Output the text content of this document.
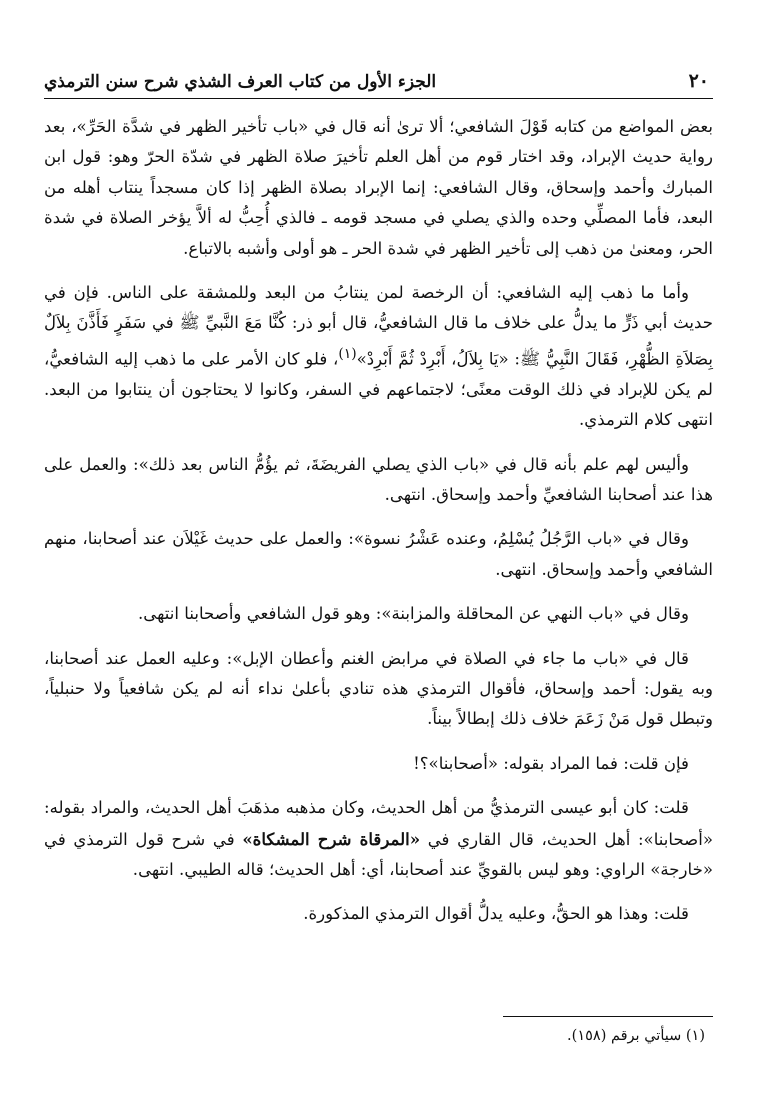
٢٠
الجزء الأول من كتاب العرف الشذي شرح سنن الترمذي

بعض المواضع من كتابه قَوْلَ الشافعي؛ ألا ترىٰ أنه قال في «باب تأخير الظهر في شدَّة الحَرِّ»، بعد رواية حديث الإبراد، وقد اختار قوم من أهل العلم تأخيرَ صلاة الظهر في شدّة الحرّ وهو: قول ابن المبارك وأحمد وإسحاق، وقال الشافعي: إنما الإبراد بصلاة الظهر إذا كان مسجداً ينتاب أهله من البعد، فأما المصلِّي وحده والذي يصلي في مسجد قومه ـ فالذي أُحِبُّ له ألاَّ يؤخر الصلاة في شدة الحر، ومعنىٰ من ذهب إلى تأخير الظهر في شدة الحر ـ هو أولى وأشبه بالاتباع.

وأما ما ذهب إليه الشافعي: أن الرخصة لمن ينتابُ من البعد وللمشقة على الناس. فإن في حديث أبي ذَرٍّ ما يدلُّ على خلاف ما قال الشافعيُّ، قال أبو ذر: كُنَّا مَعَ النَّبيِّ ﷺ في سَفَرٍ فَأَذَّنَ بِلاَلٌ بِصَلاَةِ الظُّهْرِ، فَقَالَ النَّبِيُّ ﷺ: «يَا بِلاَلُ، أَبْرِدْ ثُمَّ أَبْرِدْ»$^{(١)}$، فلو كان الأمر على ما ذهب إليه الشافعيُّ، لم يكن للإبراد في ذلك الوقت معنًى؛ لاجتماعهم في السفر، وكانوا لا يحتاجون أن ينتابوا من البعد. انتهى كلام الترمذي.

وأليس لهم علم بأنه قال في «باب الذي يصلي الفريضَةَ، ثم يؤُمُّ الناس بعد ذلك»: والعمل على هذا عند أصحابنا الشافعيِّ وأحمد وإسحاق. انتهى.

وقال في «باب الرَّجُلُ يُسْلِمُ، وعنده عَشْرُ نسوة»: والعمل على حديث غَيْلاَن عند أصحابنا، منهم الشافعي وأحمد وإسحاق. انتهى.

وقال في «باب النهي عن المحاقلة والمزابنة»: وهو قول الشافعي وأصحابنا انتهى.

قال في «باب ما جاء في الصلاة في مرابض الغنم وأعطان الإبل»: وعليه العمل عند أصحابنا، وبه يقول: أحمد وإسحاق، فأقوال الترمذي هذه تنادي بأعلىٰ نداء أنه لم يكن شافعياً ولا حنبلياً، وتبطل قول مَنْ زَعَمَ خلاف ذلك إبطالاً بيناً.

فإن قلت: فما المراد بقوله: «أصحابنا»؟!

قلت: كان أبو عيسى الترمذيُّ من أهل الحديث، وكان مذهبه مذهَبَ أهل الحديث، والمراد بقوله: «أصحابنا»: أهل الحديث، قال القاري في «المرقاة شرح المشكاة» في شرح قول الترمذي في «خارجة» الراوي: وهو ليس بالقويِّ عند أصحابنا، أي: أهل الحديث؛ قاله الطيبي. انتهى.

قلت: وهذا هو الحقُّ، وعليه يدلُّ أقوال الترمذي المذكورة.

(١) سيأتي برقم (١٥٨).
